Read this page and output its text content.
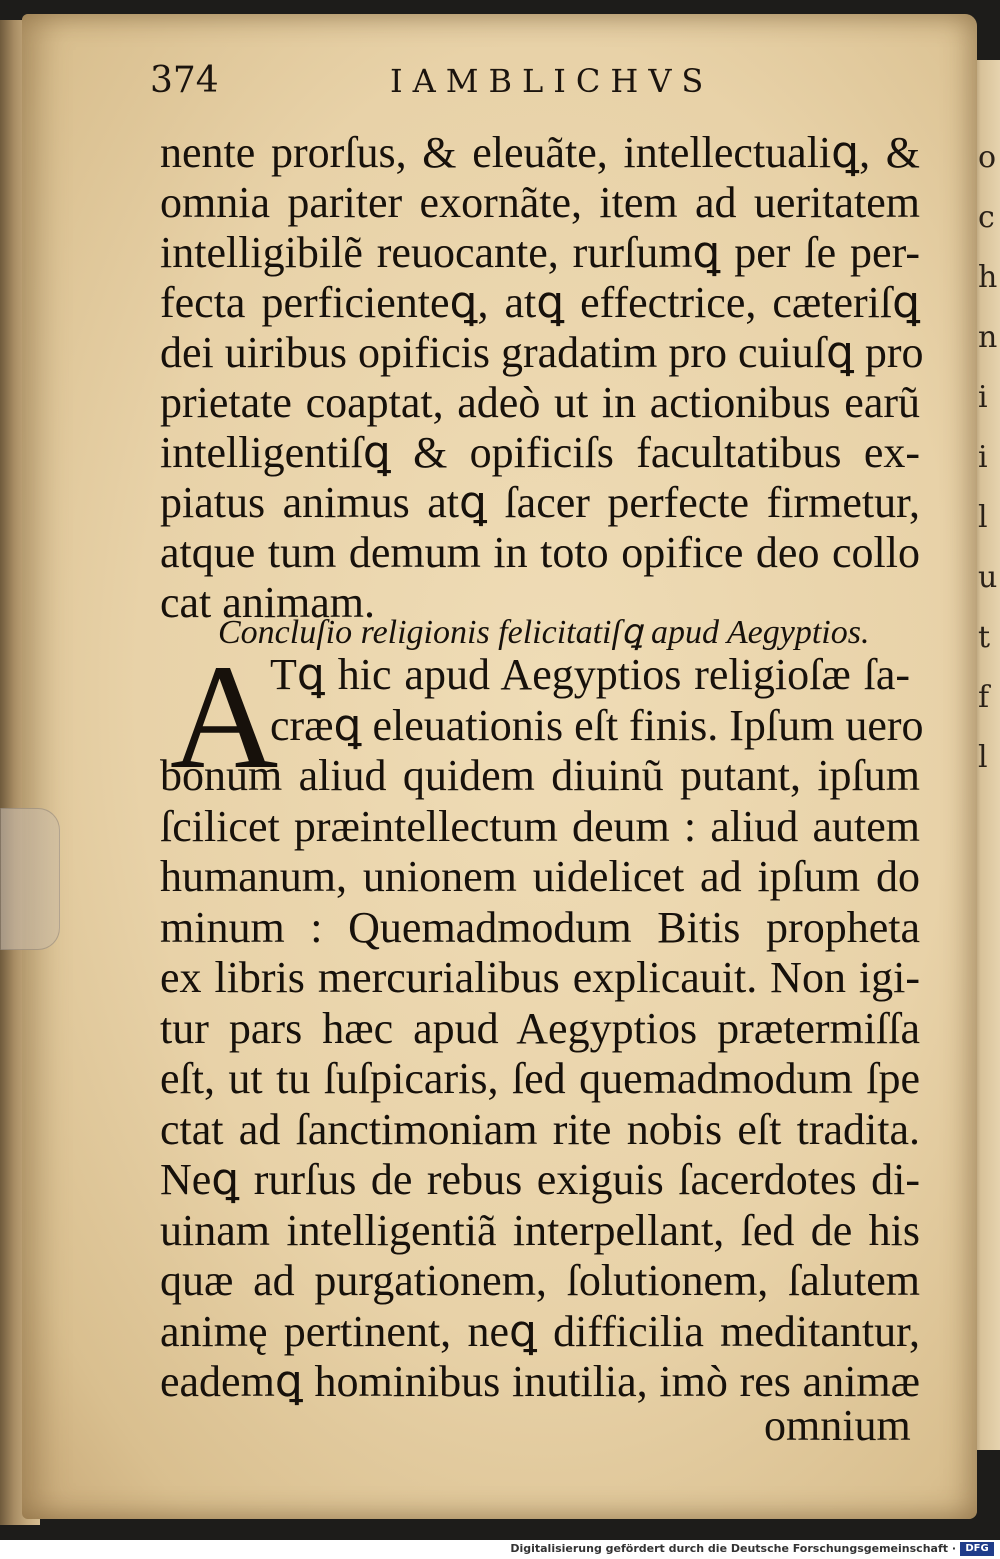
o
c
h
n
i
i
l
u
t
f
l
374	IAMBLICHVS
Concluſio religionis felicitatiſꝗ apud Aegyptios.
A
omnium
Digitalisierung gefördert durch die Deutsche Forschungsgemeinschaft · DFG
nente prorſus, & eleuãte, intellectualiꝗ, &
omnia pariter exornãte, item ad ueritatem
intelligibilẽ reuocante, rurſumꝗ per ſe per-
fecta perficienteꝗ, atꝗ effectrice, cæteriſꝗ
dei uiribus opificis gradatim pro cuiuſꝗ pro
prietate coaptat, adeò ut in actionibus earũ
intelligentiſꝗ & opificiſs facultatibus ex-
piatus animus atꝗ ſacer perfecte firmetur,
atque tum demum in toto opifice deo collo
cat animam.
Tꝗ hic apud Aegyptios religioſæ ſa-
cræꝗ eleuationis eſt finis. Ipſum uero
bonum aliud quidem diuinũ putant, ipſum
ſcilicet præintellectum deum : aliud autem
humanum, unionem uidelicet ad ipſum do
minum : Quemadmodum Bitis propheta
ex libris mercurialibus explicauit. Non igi-
tur pars hæc apud Aegyptios prætermiſſa
eſt, ut tu ſuſpicaris, ſed quemadmodum ſpe
ctat ad ſanctimoniam rite nobis eſt tradita.
Neꝗ rurſus de rebus exiguis ſacerdotes di-
uinam intelligentiã interpellant, ſed de his
quæ ad purgationem, ſolutionem, ſalutem
animę pertinent, neꝗ difficilia meditantur,
eademꝗ hominibus inutilia, imò res animæ
